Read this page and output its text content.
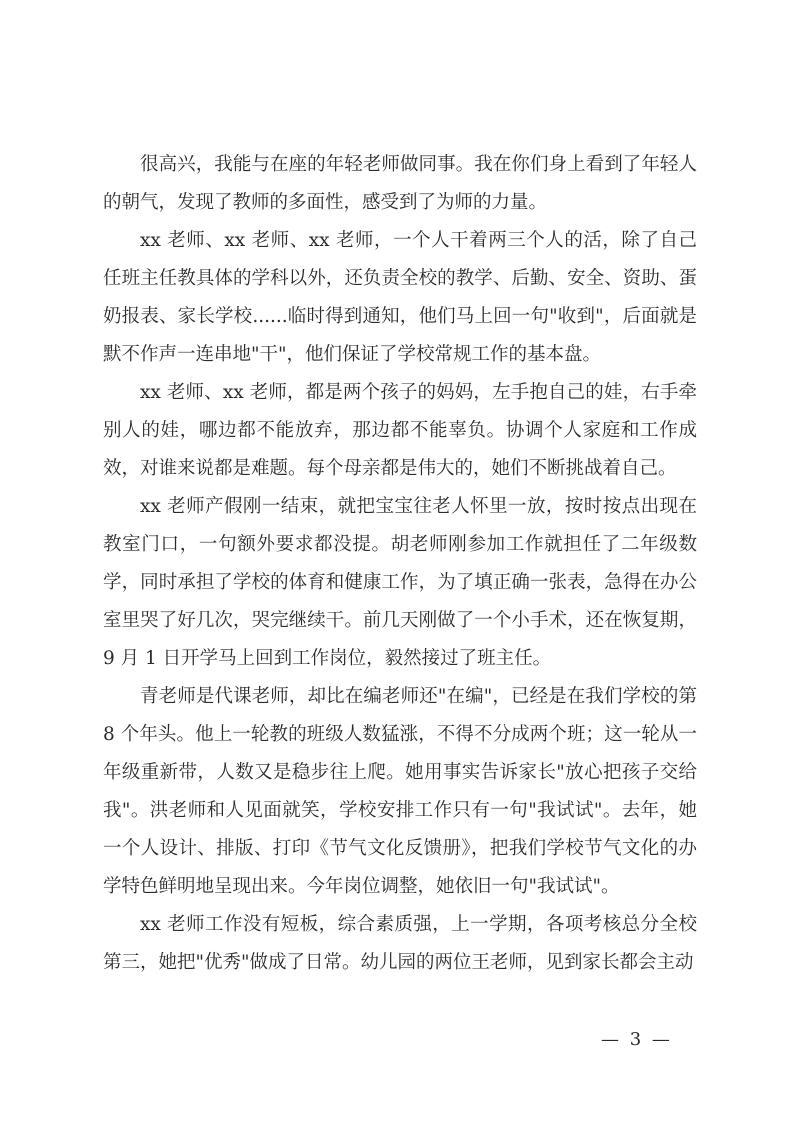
很高兴，我能与在座的年轻老师做同事。我在你们身上看到了年轻人的朝气，发现了教师的多面性，感受到了为师的力量。

xx 老师、xx 老师、xx 老师，一个人干着两三个人的活，除了自己任班主任教具体的学科以外，还负责全校的教学、后勤、安全、资助、蛋奶报表、家长学校......临时得到通知，他们马上回一句"收到"，后面就是默不作声一连串地"干"，他们保证了学校常规工作的基本盘。

xx 老师、xx 老师，都是两个孩子的妈妈，左手抱自己的娃，右手牵别人的娃，哪边都不能放弃，那边都不能辜负。协调个人家庭和工作成效，对谁来说都是难题。每个母亲都是伟大的，她们不断挑战着自己。

xx 老师产假刚一结束，就把宝宝往老人怀里一放，按时按点出现在教室门口，一句额外要求都没提。胡老师刚参加工作就担任了二年级数学，同时承担了学校的体育和健康工作，为了填正确一张表，急得在办公室里哭了好几次，哭完继续干。前几天刚做了一个小手术，还在恢复期，9 月 1 日开学马上回到工作岗位，毅然接过了班主任。

青老师是代课老师，却比在编老师还"在编"，已经是在我们学校的第 8 个年头。他上一轮教的班级人数猛涨，不得不分成两个班；这一轮从一年级重新带，人数又是稳步往上爬。她用事实告诉家长"放心把孩子交给我"。洪老师和人见面就笑，学校安排工作只有一句"我试试"。去年，她一个人设计、排版、打印《节气文化反馈册》，把我们学校节气文化的办学特色鲜明地呈现出来。今年岗位调整，她依旧一句"我试试"。

xx 老师工作没有短板，综合素质强，上一学期，各项考核总分全校第三，她把"优秀"做成了日常。幼儿园的两位王老师，见到家长都会主动

— 3 —
